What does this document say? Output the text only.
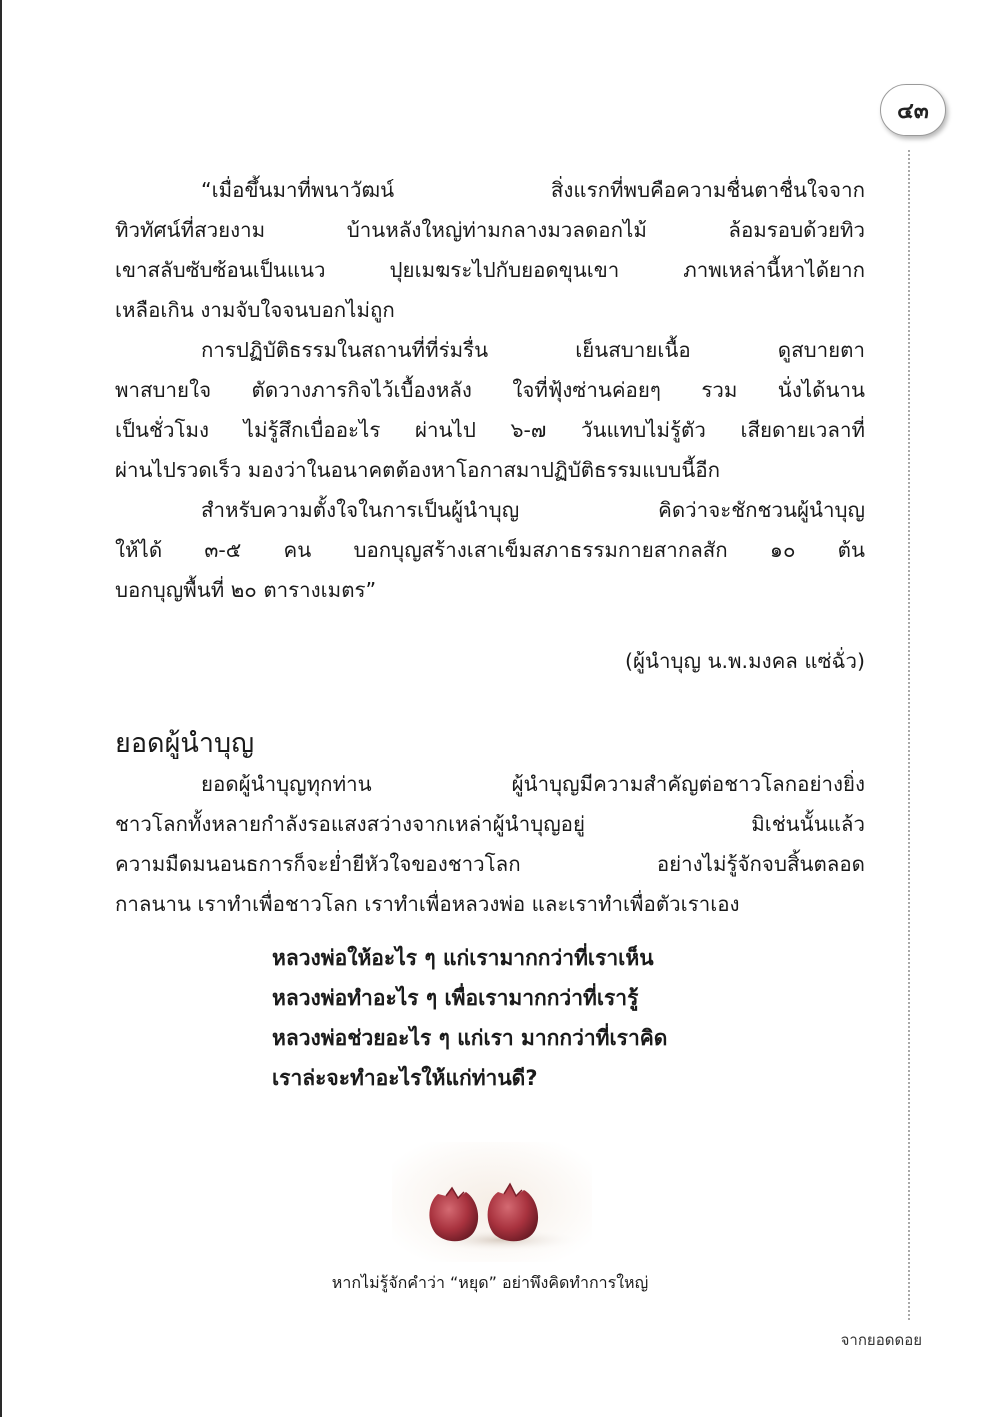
๔๓

“เมื่อขึ้นมาที่พนาวัฒน์ สิ่งแรกที่พบคือความชื่นตาชื่นใจจาก
ทิวทัศน์ที่สวยงาม บ้านหลังใหญ่ท่ามกลางมวลดอกไม้ ล้อมรอบด้วยทิว
เขาสลับซับซ้อนเป็นแนว ปุยเมฆระไปกับยอดขุนเขา ภาพเหล่านี้หาได้ยาก
เหลือเกิน งามจับใจจนบอกไม่ถูก

การปฏิบัติธรรมในสถานที่ที่ร่มรื่น เย็นสบายเนื้อ ดูสบายตา
พาสบายใจ ตัดวางภารกิจไว้เบื้องหลัง ใจที่ฟุ้งซ่านค่อยๆ รวม นั่งได้นาน
เป็นชั่วโมง ไม่รู้สึกเบื่ออะไร ผ่านไป ๖-๗ วันแทบไม่รู้ตัว เสียดายเวลาที่
ผ่านไปรวดเร็ว มองว่าในอนาคตต้องหาโอกาสมาปฏิบัติธรรมแบบนี้อีก

สำหรับความตั้งใจในการเป็นผู้นำบุญ คิดว่าจะชักชวนผู้นำบุญ
ให้ได้ ๓-๕ คน บอกบุญสร้างเสาเข็มสภาธรรมกายสากลสัก ๑๐ ต้น
บอกบุญพื้นที่ ๒๐ ตารางเมตร”

(ผู้นำบุญ น.พ.มงคล แซ่ฉั่ว)
ยอดผู้นำบุญ

ยอดผู้นำบุญทุกท่าน ผู้นำบุญมีความสำคัญต่อชาวโลกอย่างยิ่ง
ชาวโลกทั้งหลายกำลังรอแสงสว่างจากเหล่าผู้นำบุญอยู่ มิเช่นนั้นแล้ว
ความมืดมนอนธการก็จะย่ำยีหัวใจของชาวโลก อย่างไม่รู้จักจบสิ้นตลอด
กาลนาน เราทำเพื่อชาวโลก เราทำเพื่อหลวงพ่อ และเราทำเพื่อตัวเราเอง

หลวงพ่อให้อะไร ๆ แก่เรามากกว่าที่เราเห็น
หลวงพ่อทำอะไร ๆ เพื่อเรามากกว่าที่เรารู้
หลวงพ่อช่วยอะไร ๆ แก่เรา มากกว่าที่เราคิด
เราล่ะจะทำอะไรให้แก่ท่านดี?
หากไม่รู้จักคำว่า “หยุด” อย่าพึงคิดทำการใหญ่
จากยอดดอย
